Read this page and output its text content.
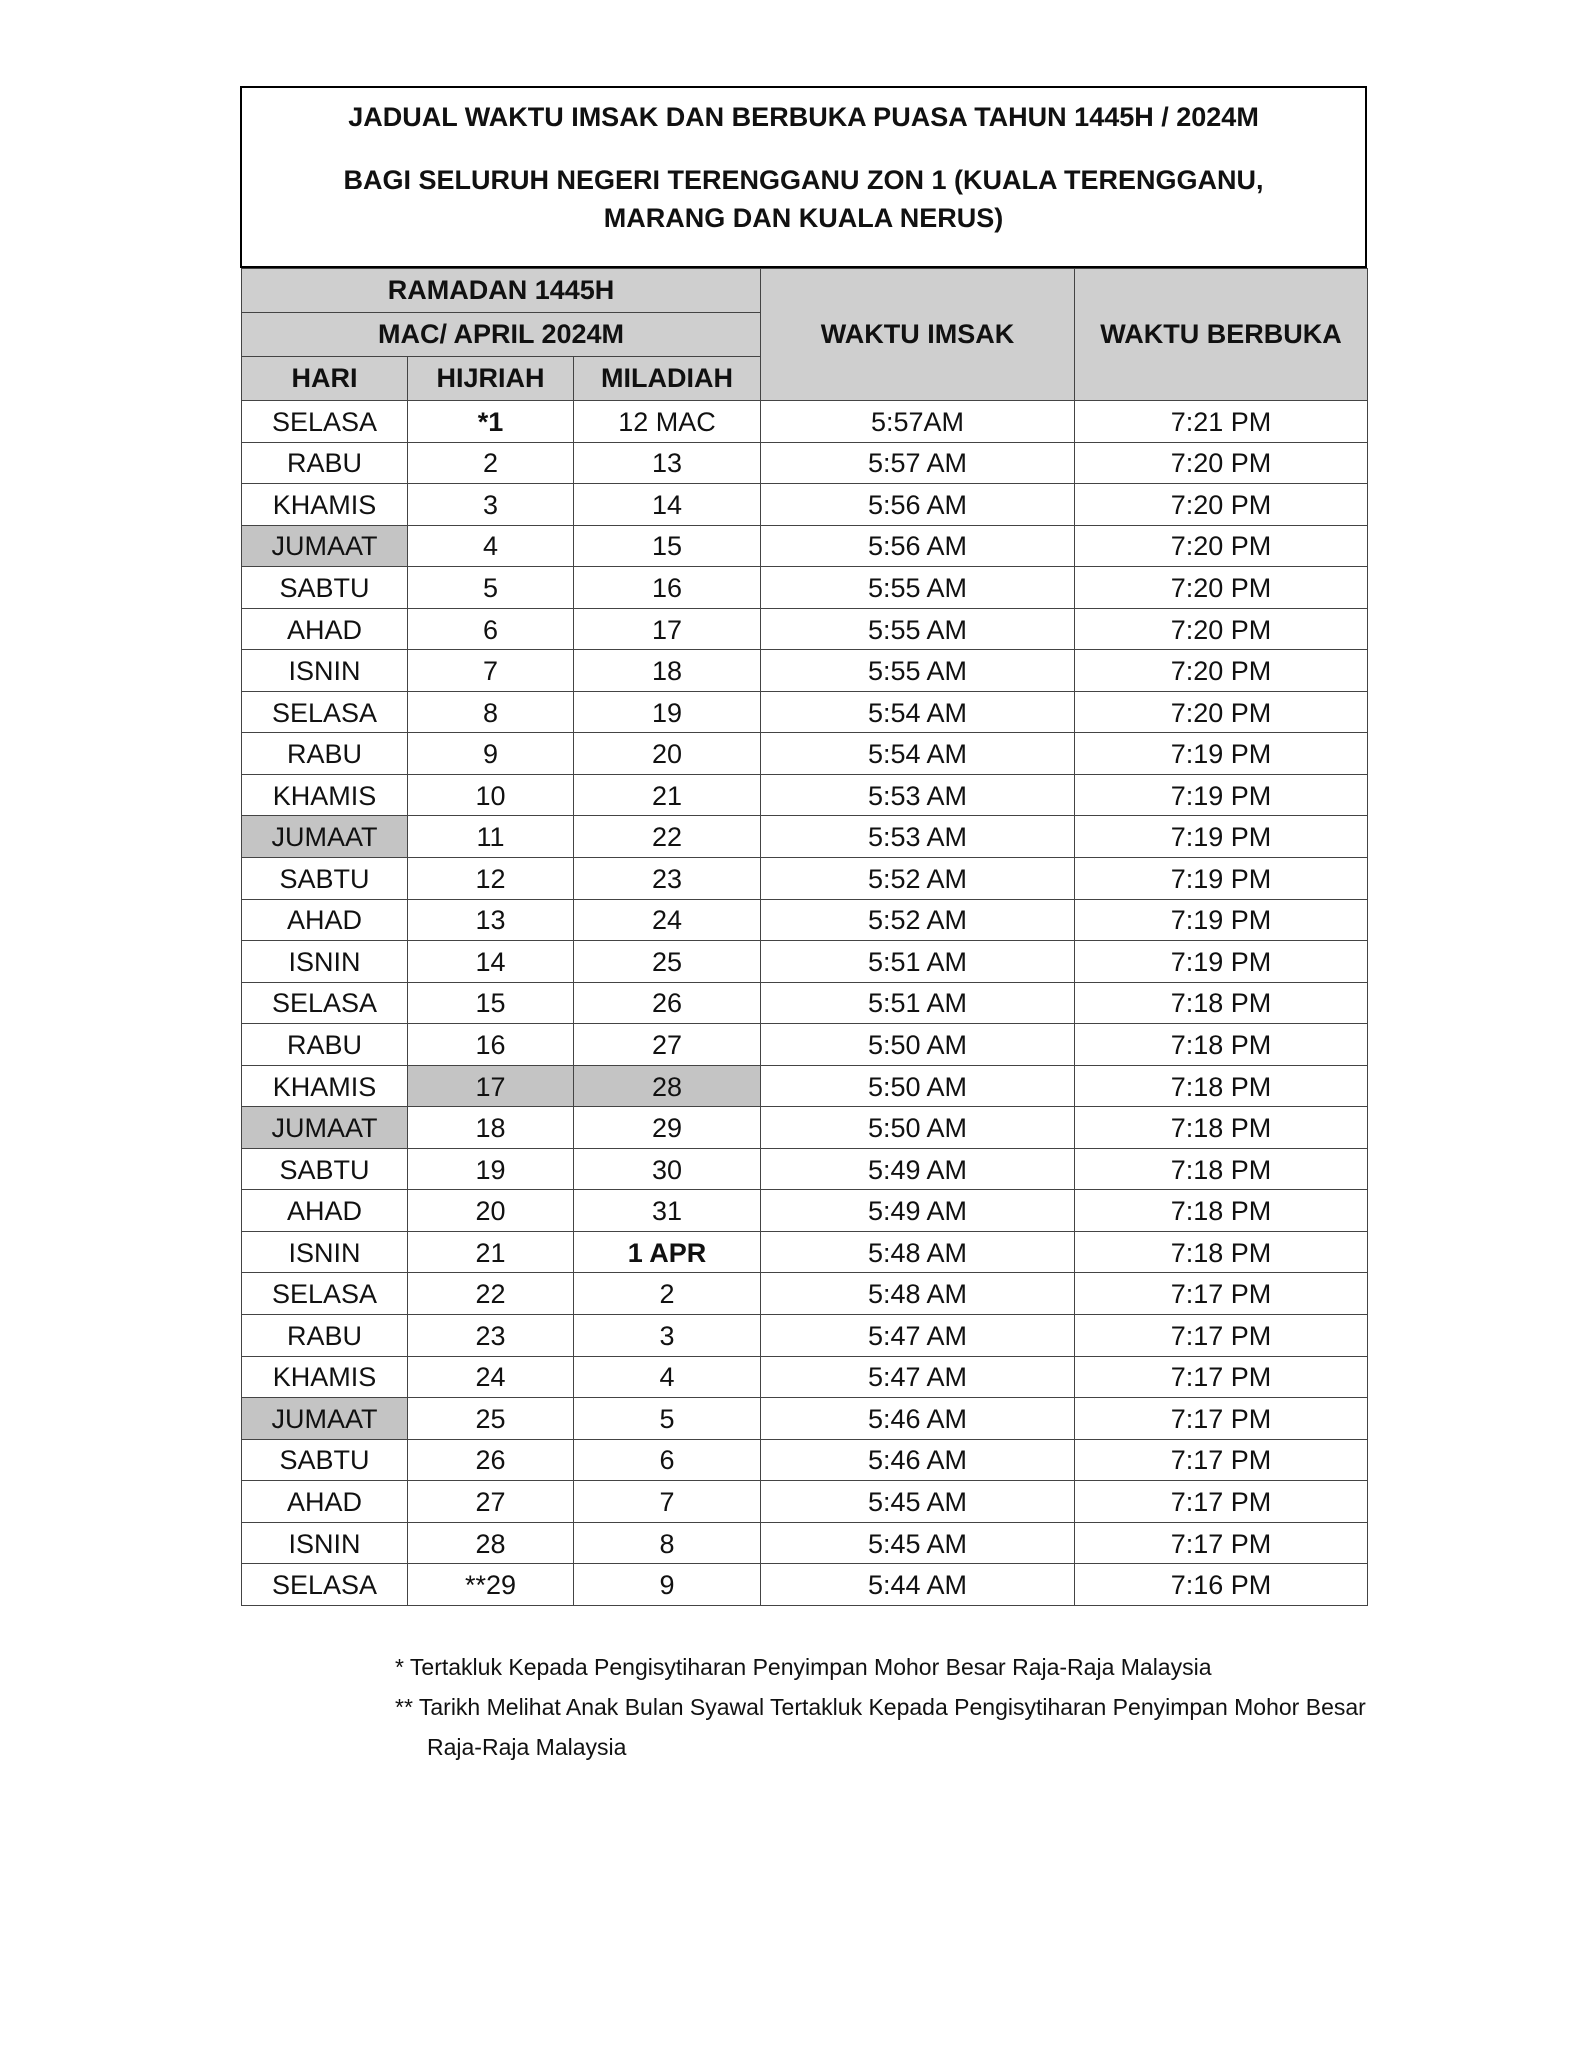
JADUAL WAKTU IMSAK DAN BERBUKA PUASA TAHUN 1445H / 2024M
BAGI SELURUH NEGERI TERENGGANU ZON 1 (KUALA TERENGGANU, MARANG DAN KUALA NERUS)
RAMADAN 1445H			WAKTU IMSAK	WAKTU BERBUKA
MAC/ APRIL 2024M				
HARI	HIJRIAH	MILADIAH		
SELASA	*1	12 MAC	5:57AM	7:21 PM
RABU	2	13	5:57 AM	7:20 PM
KHAMIS	3	14	5:56 AM	7:20 PM
JUMAAT	4	15	5:56 AM	7:20 PM
SABTU	5	16	5:55 AM	7:20 PM
AHAD	6	17	5:55 AM	7:20 PM
ISNIN	7	18	5:55 AM	7:20 PM
SELASA	8	19	5:54 AM	7:20 PM
RABU	9	20	5:54 AM	7:19 PM
KHAMIS	10	21	5:53 AM	7:19 PM
JUMAAT	11	22	5:53 AM	7:19 PM
SABTU	12	23	5:52 AM	7:19 PM
AHAD	13	24	5:52 AM	7:19 PM
ISNIN	14	25	5:51 AM	7:19 PM
SELASA	15	26	5:51 AM	7:18 PM
RABU	16	27	5:50 AM	7:18 PM
KHAMIS	17	28	5:50 AM	7:18 PM
JUMAAT	18	29	5:50 AM	7:18 PM
SABTU	19	30	5:49 AM	7:18 PM
AHAD	20	31	5:49 AM	7:18 PM
ISNIN	21	1 APR	5:48 AM	7:18 PM
SELASA	22	2	5:48 AM	7:17 PM
RABU	23	3	5:47 AM	7:17 PM
KHAMIS	24	4	5:47 AM	7:17 PM
JUMAAT	25	5	5:46 AM	7:17 PM
SABTU	26	6	5:46 AM	7:17 PM
AHAD	27	7	5:45 AM	7:17 PM
ISNIN	28	8	5:45 AM	7:17 PM
SELASA	**29	9	5:44 AM	7:16 PM
* Tertakluk Kepada Pengisytiharan Penyimpan Mohor Besar Raja-Raja Malaysia
** Tarikh Melihat Anak Bulan Syawal Tertakluk Kepada Pengisytiharan Penyimpan Mohor Besar
Raja-Raja Malaysia
